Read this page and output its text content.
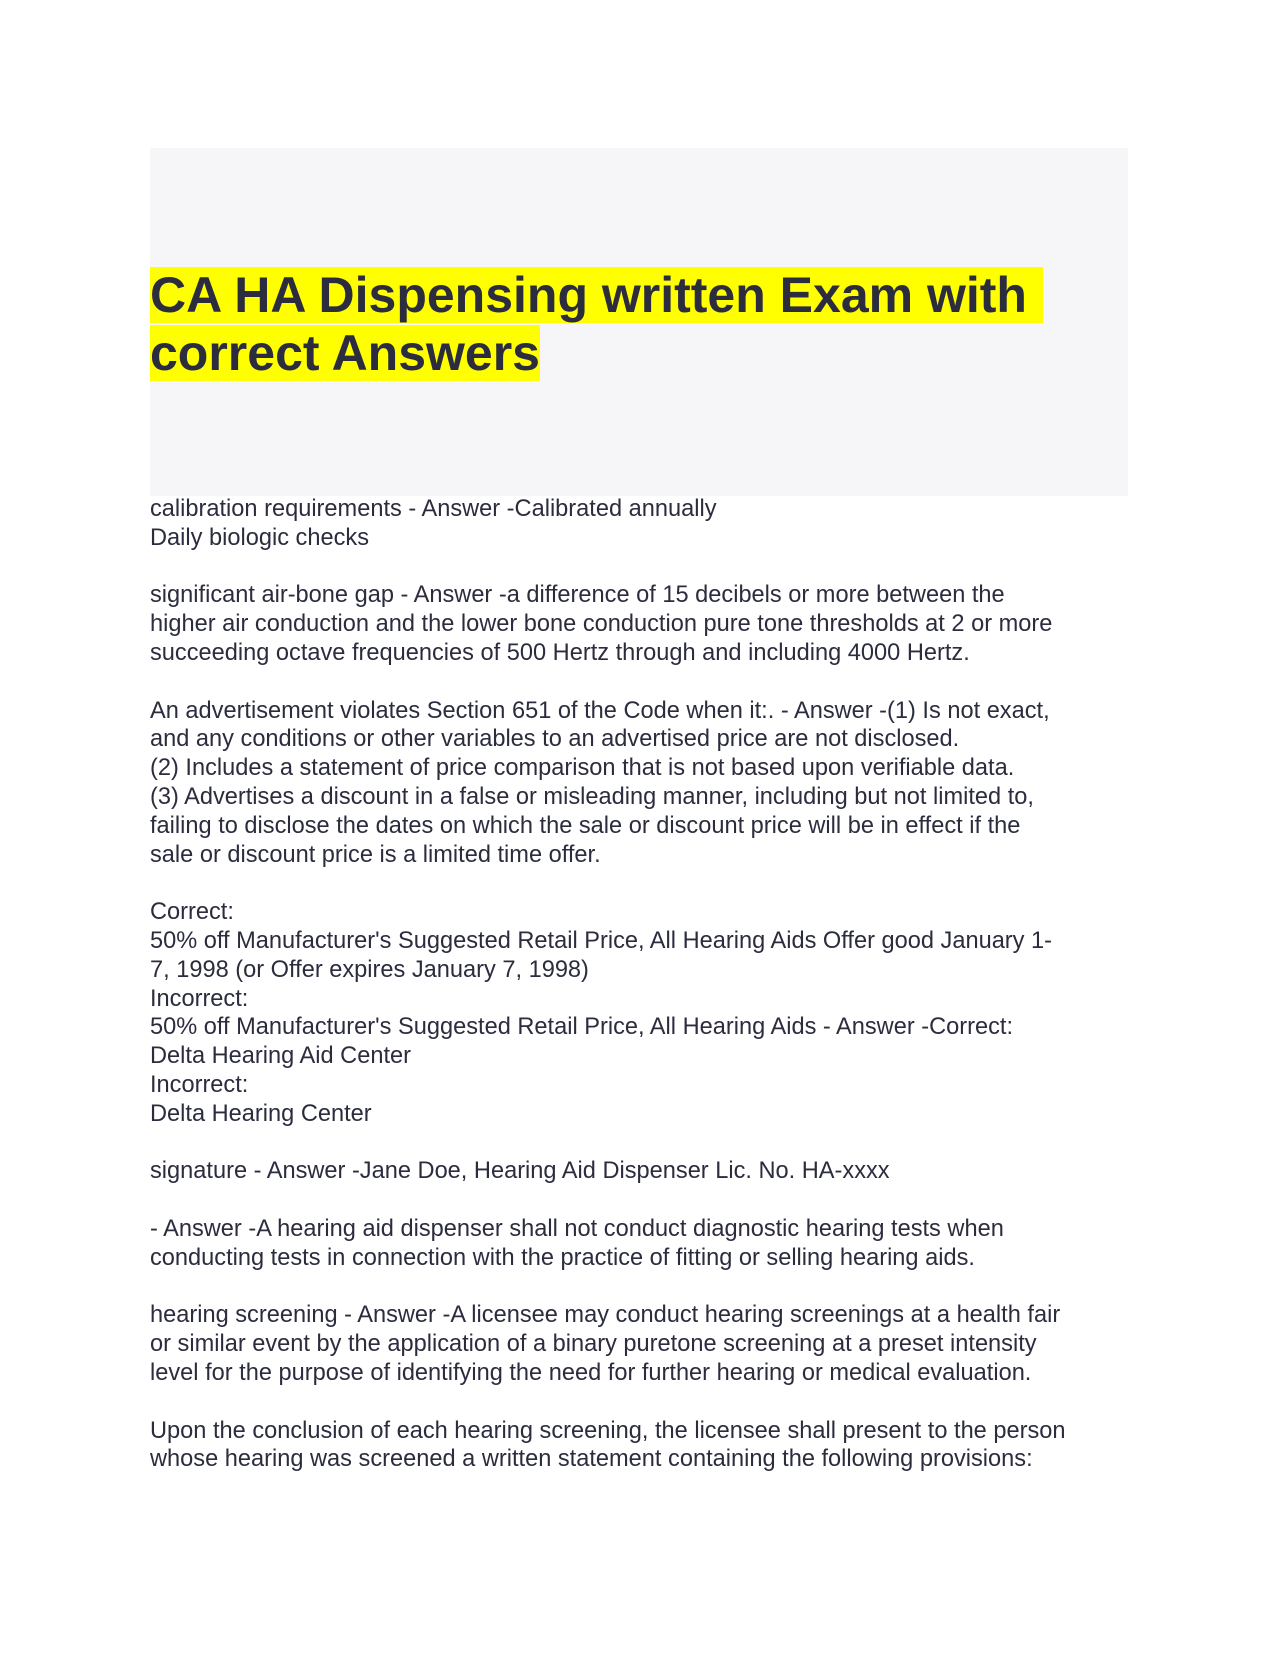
CA HA Dispensing written Exam with
correct Answers

calibration requirements - Answer -Calibrated annually
Daily biologic checks

significant air-bone gap - Answer -a difference of 15 decibels or more between the
higher air conduction and the lower bone conduction pure tone thresholds at 2 or more
succeeding octave frequencies of 500 Hertz through and including 4000 Hertz.

An advertisement violates Section 651 of the Code when it:. - Answer -(1) Is not exact,
and any conditions or other variables to an advertised price are not disclosed.
(2) Includes a statement of price comparison that is not based upon verifiable data.
(3) Advertises a discount in a false or misleading manner, including but not limited to,
failing to disclose the dates on which the sale or discount price will be in effect if the
sale or discount price is a limited time offer.

Correct:
50% off Manufacturer's Suggested Retail Price, All Hearing Aids Offer good January 1-
7, 1998 (or Offer expires January 7, 1998)
Incorrect:
50% off Manufacturer's Suggested Retail Price, All Hearing Aids - Answer -Correct:
Delta Hearing Aid Center
Incorrect:
Delta Hearing Center

signature - Answer -Jane Doe, Hearing Aid Dispenser Lic. No. HA-xxxx

- Answer -A hearing aid dispenser shall not conduct diagnostic hearing tests when
conducting tests in connection with the practice of fitting or selling hearing aids.

hearing screening - Answer -A licensee may conduct hearing screenings at a health fair
or similar event by the application of a binary puretone screening at a preset intensity
level for the purpose of identifying the need for further hearing or medical evaluation.

Upon the conclusion of each hearing screening, the licensee shall present to the person
whose hearing was screened a written statement containing the following provisions:
